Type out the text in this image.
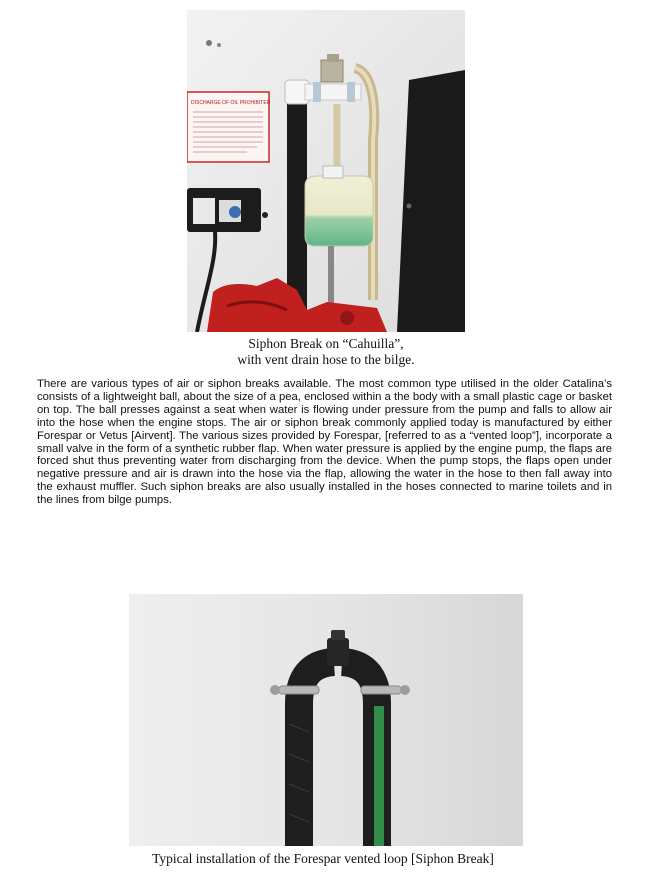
DISCHARGE OF OIL PROHIBITED
Siphon Break on “Cahuilla”,
with vent drain hose to the bilge.

There are various types of air or siphon breaks available. The most common type utilised in the older Catalina’s consists of a lightweight ball, about the size of a pea, enclosed within a the body with a small plastic cage or basket on top. The ball presses against a seat when water is flowing under pressure from the pump and falls to allow air into the hose when the engine stops. The air or siphon break commonly applied today is manufactured by either Forespar or Vetus [Airvent]. The various sizes provided by Forespar, [referred to as a “vented loop”], incorporate a small valve in the form of a synthetic rubber flap. When water pressure is applied by the engine pump, the flaps are forced shut thus preventing water from discharging from the device. When the pump stops, the flaps open under negative pressure and air is drawn into the hose via the flap, allowing the water in the hose to then fall away into the exhaust muffler. Such siphon breaks are also usually installed in the hoses connected to marine toilets and in the lines from bilge pumps.

Typical installation of the Forespar vented loop [Siphon Break]
